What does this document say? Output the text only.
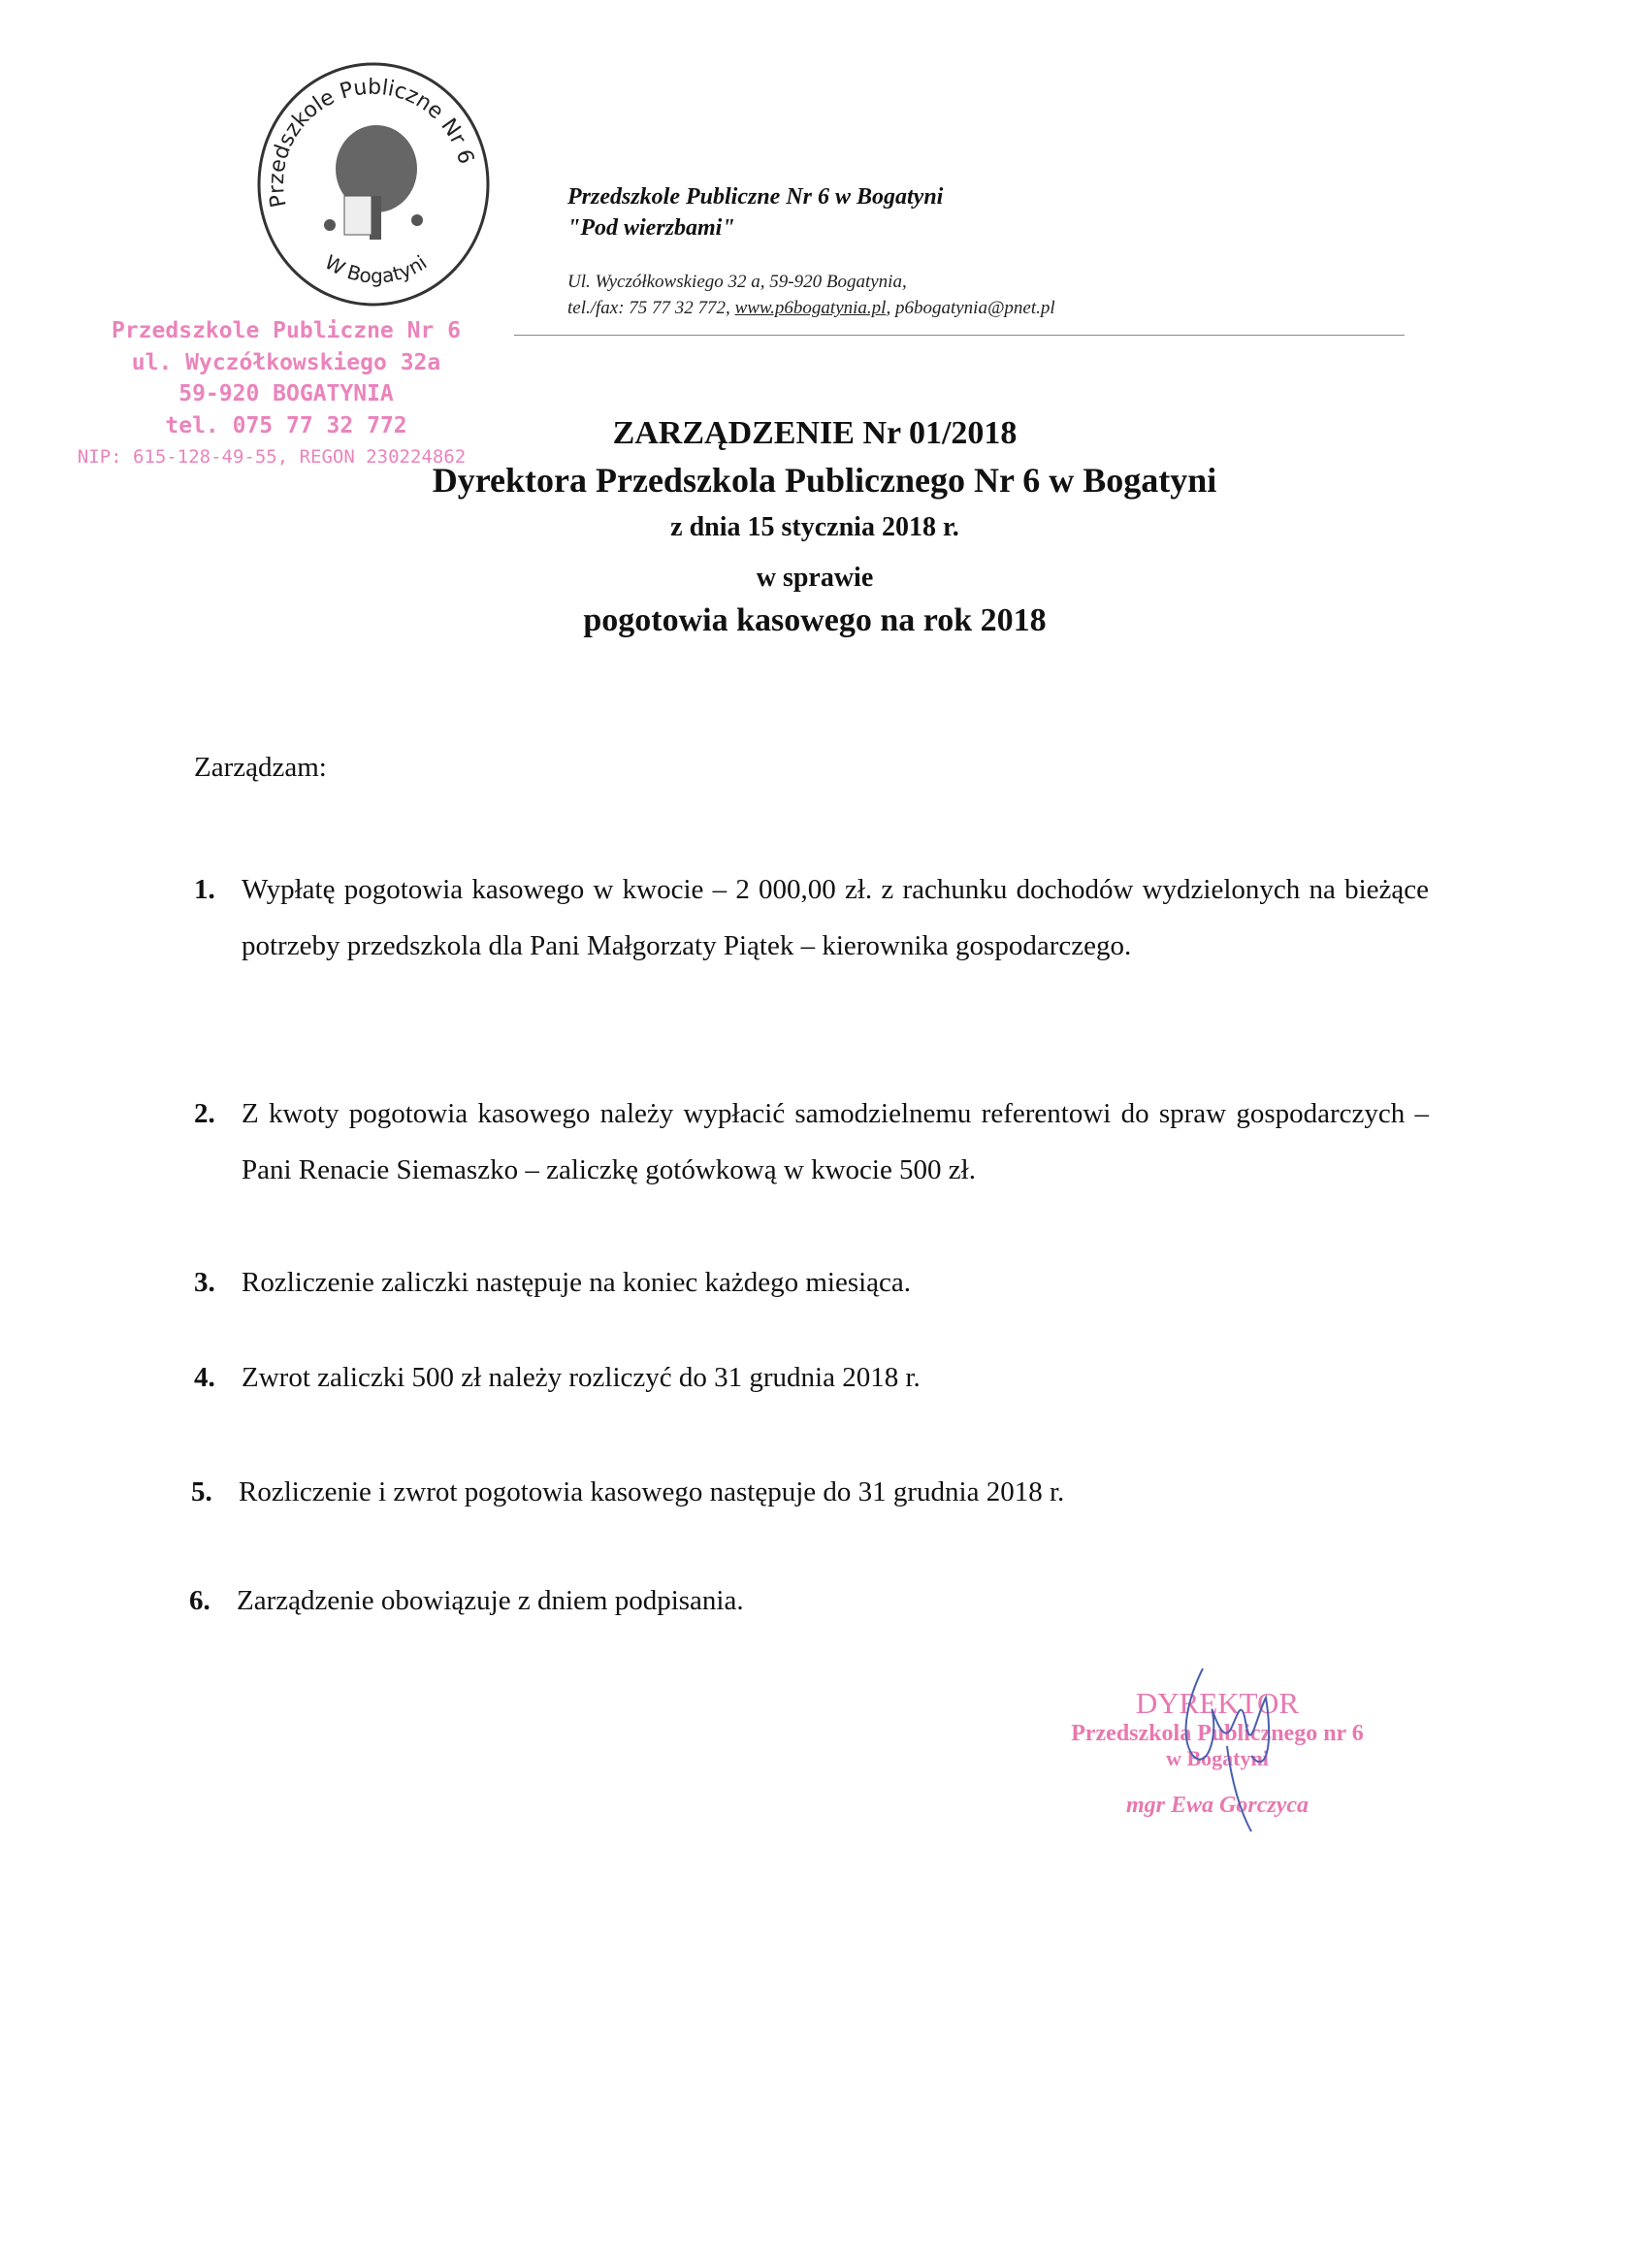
Przedszkole Publiczne Nr 6
W Bogatyni
Przedszkole Publiczne Nr 6 w Bogatyni
"Pod wierzbami"
Ul. Wyczółkowskiego 32 a, 59-920 Bogatynia,
tel./fax: 75 77 32 772, www.p6bogatynia.pl, p6bogatynia@pnet.pl
Przedszkole Publiczne Nr 6
ul. Wyczółkowskiego 32a
59-920 BOGATYNIA
tel. 075 77 32 772
NIP: 615-128-49-55, REGON 230224862
ZARZĄDZENIE Nr 01/2018
Dyrektora Przedszkola Publicznego Nr 6 w Bogatyni
z dnia 15 stycznia 2018 r.
w sprawie
pogotowia kasowego na rok 2018
Zarządzam:
1. Wypłatę pogotowia kasowego w kwocie – 2 000,00 zł. z rachunku dochodów wydzielonych na bieżące potrzeby przedszkola dla Pani Małgorzaty Piątek – kierownika gospodarczego.
2. Z kwoty pogotowia kasowego należy wypłacić samodzielnemu referentowi do spraw gospodarczych – Pani Renacie Siemaszko – zaliczkę gotówkową w kwocie 500 zł.
3. Rozliczenie zaliczki następuje na koniec każdego miesiąca.
4. Zwrot zaliczki 500 zł należy rozliczyć do 31 grudnia 2018 r.
5. Rozliczenie i zwrot pogotowia kasowego następuje do 31 grudnia 2018 r.
6. Zarządzenie obowiązuje z dniem podpisania.
DYREKTOR
Przedszkola Publicznego nr 6
w Bogatyni
mgr Ewa Gorczyca
